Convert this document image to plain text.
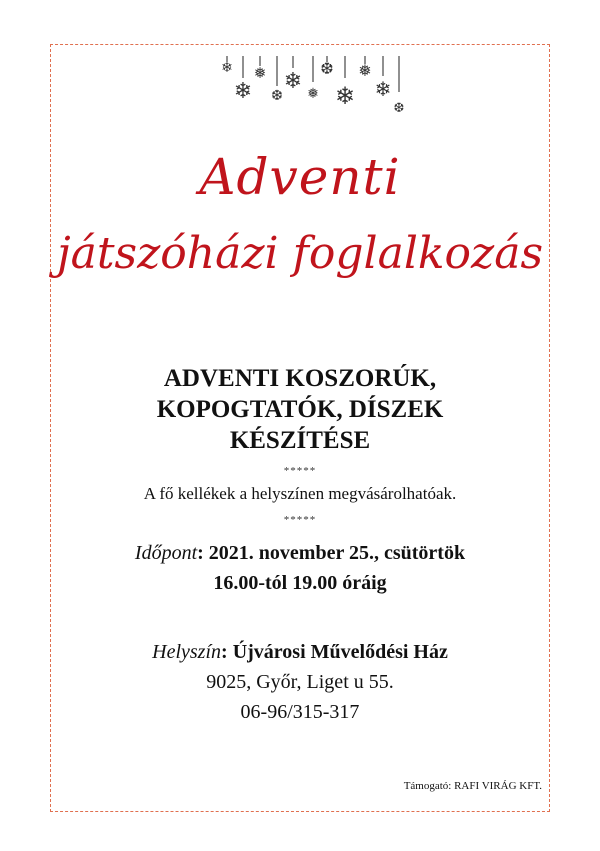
❄
❄
❅
❆
❄
❅
❆
❄
❅
❄
❆
Adventi
játszóházi foglalkozás
ADVENTI KOSZORÚK,
KOPOGTATÓK, DÍSZEK
KÉSZÍTÉSE
*****
A fő kellékek a helyszínen megvásárolhatóak.
*****
Időpont: 2021. november 25., csütörtök
16.00-tól 19.00 óráig
Helyszín: Újvárosi Művelődési Ház
9025, Győr, Liget u 55.
06-96/315-317
Támogató: RAFI VIRÁG KFT.
